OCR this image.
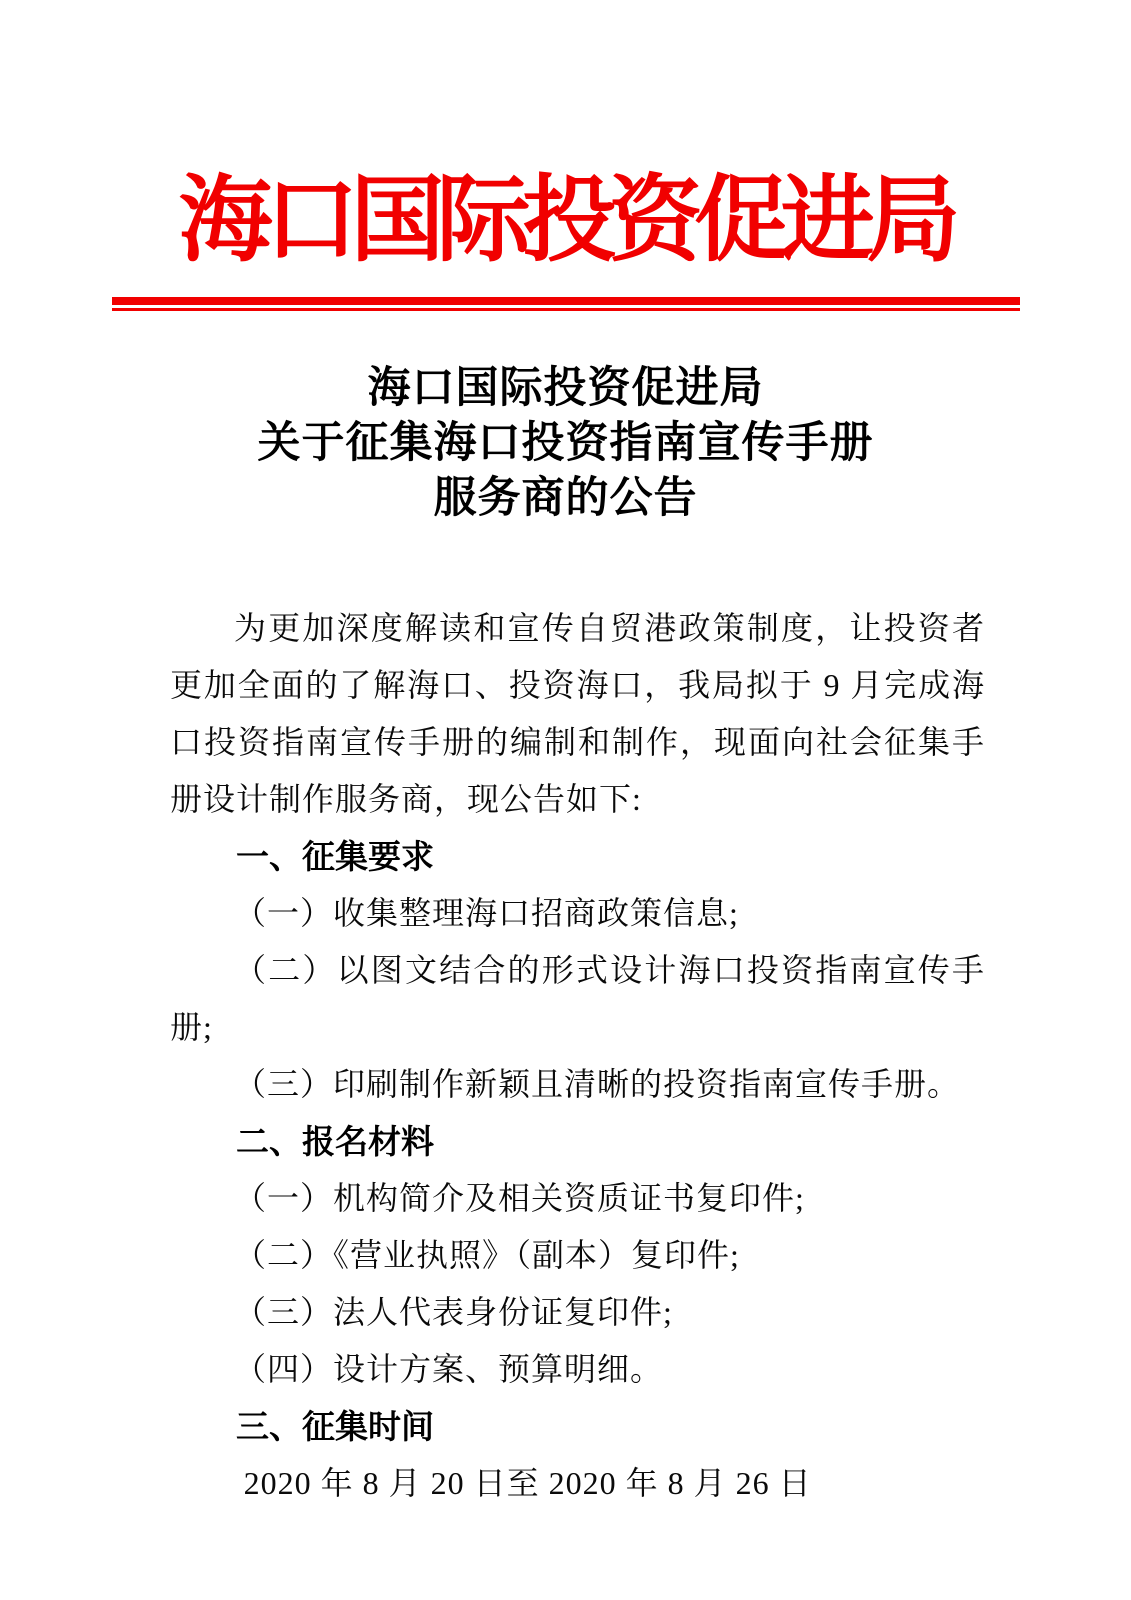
海口国际投资促进局
海口国际投资促进局
关于征集海口投资指南宣传手册
服务商的公告

为更加深度解读和宣传自贸港政策制度，让投资者更加全面的了解海口、投资海口，我局拟于 9 月完成海口投资指南宣传手册的编制和制作，现面向社会征集手册设计制作服务商，现公告如下:

一、征集要求

（一）收集整理海口招商政策信息;

（二）以图文结合的形式设计海口投资指南宣传手册;

（三）印刷制作新颖且清晰的投资指南宣传手册。

二、报名材料

（一）机构简介及相关资质证书复印件;

（二）《营业执照》（副本）复印件;

（三）法人代表身份证复印件;

（四）设计方案、预算明细。

三、征集时间

2020 年 8 月 20 日至 2020 年 8 月 26 日
